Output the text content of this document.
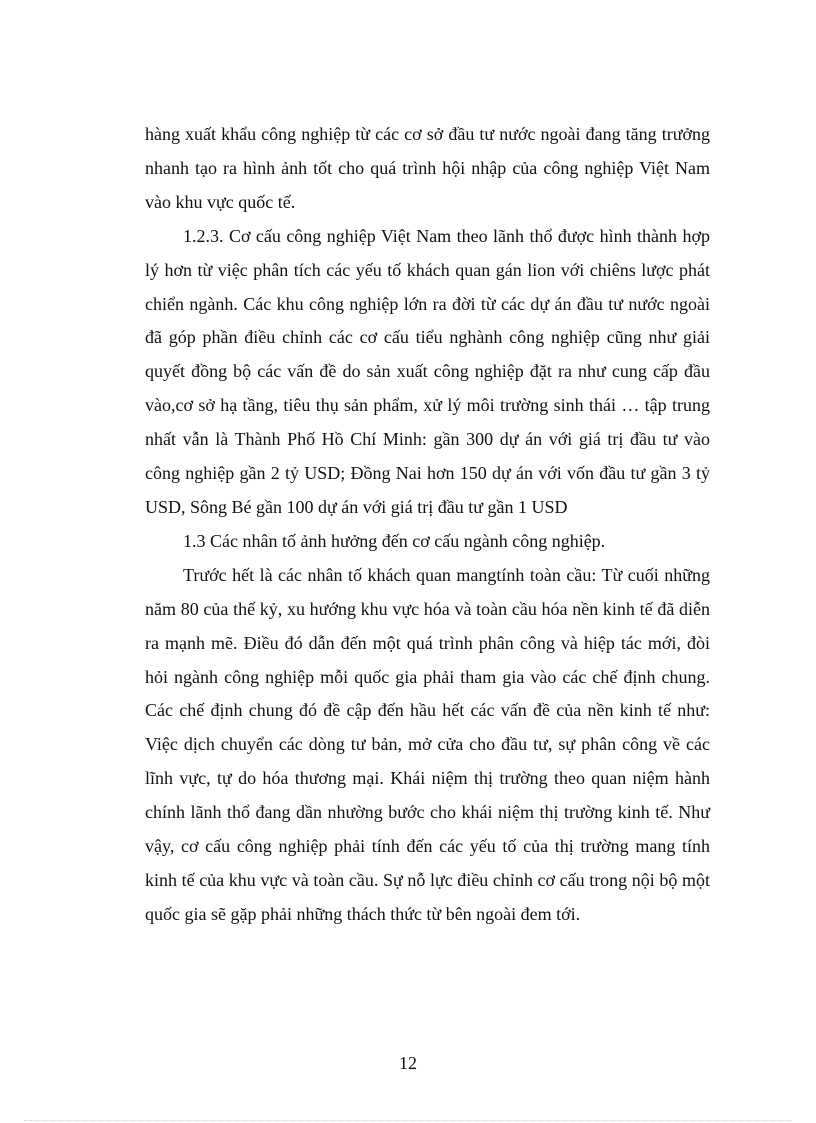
hàng xuất khẩu công nghiệp từ các cơ sở đầu tư nước ngoài đang tăng trưởng nhanh tạo ra hình ảnh tốt cho quá trình hội nhập của công nghiệp Việt Nam vào khu vực quốc tế.

1.2.3. Cơ cấu công nghiệp Việt Nam theo lãnh thổ được hình thành hợp lý hơn từ việc phân tích các yếu tố khách quan gán lion với chiêns lược phát chiển ngành. Các khu công nghiệp lớn ra đời từ các dự án đầu tư nước ngoài đã góp phần điều chỉnh các cơ cấu tiểu nghành công nghiệp cũng như giải quyết đồng bộ các vấn đề do sản xuất công nghiệp đặt ra như cung cấp đầu vào,cơ sở hạ tầng, tiêu thụ sản phẩm, xử lý môi trường sinh thái … tập trung nhất vẫn là Thành Phố Hồ Chí Minh: gần 300 dự án với giá trị đầu tư vào công nghiệp gần 2 tỷ USD; Đồng Nai hơn 150 dự án với vốn đầu tư gần 3 tỷ USD, Sông Bé gần 100 dự án với giá trị đầu tư gần 1 USD

1.3 Các nhân tố ảnh hưởng đến cơ cấu ngành công nghiệp.

Trước hết là các nhân tố khách quan mangtính toàn cầu: Từ cuối những năm 80 của thế kỷ, xu hướng khu vực hóa và toàn cầu hóa nền kinh tế đã diễn ra mạnh mẽ. Điều đó dẫn đến một quá trình phân công và hiệp tác mới, đòi hỏi ngành công nghiệp mỗi quốc gia phải tham gia vào các chế định chung. Các chế định chung đó đề cập đến hầu hết các vấn đề của nền kinh tế như: Việc dịch chuyển các dòng tư bản, mở cửa cho đầu tư, sự phân công về các lĩnh vực, tự do hóa thương mại. Khái niệm thị trường theo quan niệm hành chính lãnh thổ đang dần nhường bước cho khái niệm thị trường kinh tế. Như vậy, cơ cấu công nghiệp phải tính đến các yếu tố của thị trường mang tính kinh tế của khu vực và toàn cầu. Sự nỗ lực điều chỉnh cơ cấu trong nội bộ một quốc gia sẽ gặp phải những thách thức từ bên ngoài đem tới.

12
